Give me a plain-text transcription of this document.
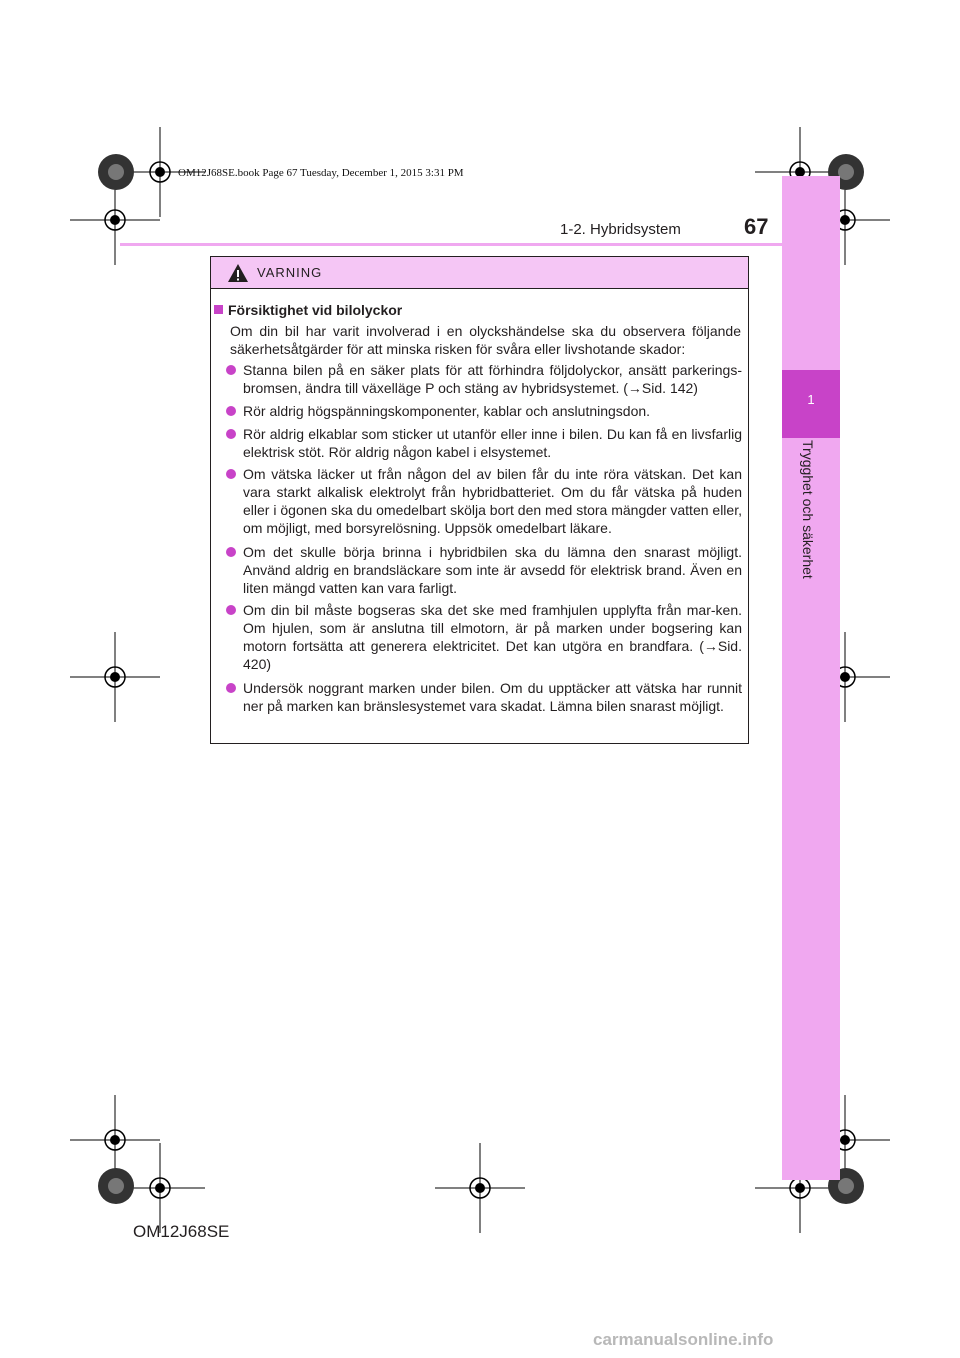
1
Trygghet och säkerhet
OM12J68SE.book Page 67 Tuesday, December 1, 2015 3:31 PM
1-2. Hybridsystem	67
VARNING
Försiktighet vid bilolyckor
Om din bil har varit involverad i en olyckshändelse ska du observera följande säkerhetsåtgärder för att minska risken för svåra eller livshotande skador:
Stanna bilen på en säker plats för att förhindra följdolyckor, ansätt parkerings-bromsen, ändra till växelläge P och stäng av hybridsystemet. (→Sid. 142)
Rör aldrig högspänningskomponenter, kablar och anslutningsdon.
Rör aldrig elkablar som sticker ut utanför eller inne i bilen. Du kan få en livsfarlig elektrisk stöt. Rör aldrig någon kabel i elsystemet.
Om vätska läcker ut från någon del av bilen får du inte röra vätskan. Det kan vara starkt alkalisk elektrolyt från hybridbatteriet. Om du får vätska på huden eller i ögonen ska du omedelbart skölja bort den med stora mängder vatten eller, om möjligt, med borsyrelösning. Uppsök omedelbart läkare.
Om det skulle börja brinna i hybridbilen ska du lämna den snarast möjligt. Använd aldrig en brandsläckare som inte är avsedd för elektrisk brand. Även en liten mängd vatten kan vara farligt.
Om din bil måste bogseras ska det ske med framhjulen upplyfta från mar-ken. Om hjulen, som är anslutna till elmotorn, är på marken under bogsering kan motorn fortsätta att generera elektricitet. Det kan utgöra en brandfara. (→Sid. 420)
Undersök noggrant marken under bilen. Om du upptäcker att vätska har runnit ner på marken kan bränslesystemet vara skadat. Lämna bilen snarast möjligt.
OM12J68SE
carmanualsonline.info
